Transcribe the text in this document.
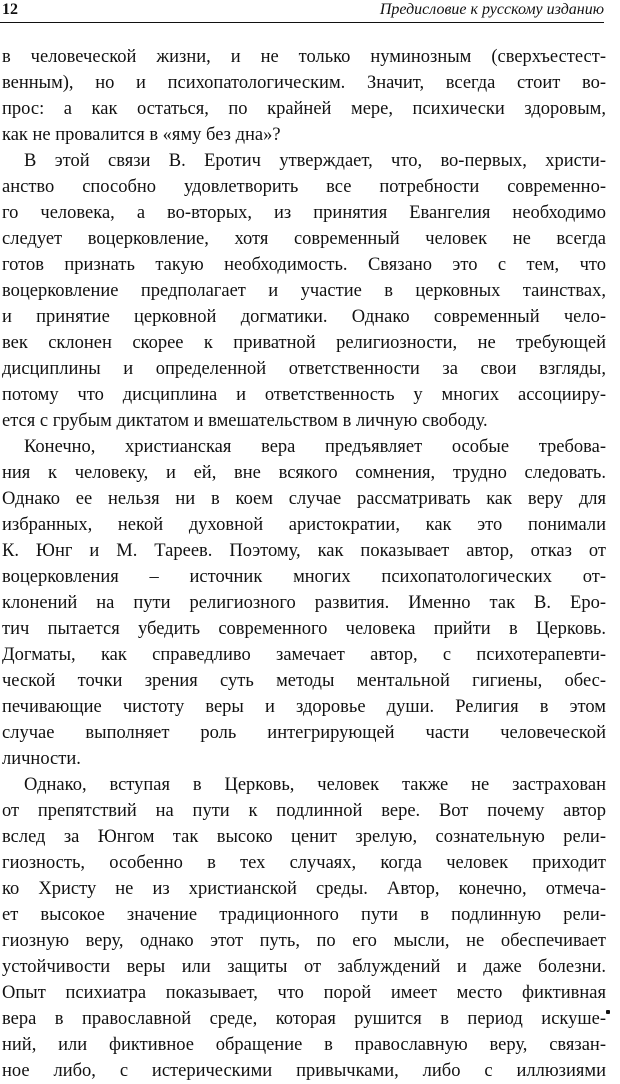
12	Предисловие к русскому изданию
в человеческой жизни, и не только нуминозным (сверхъестест-
венным), но и психопатологическим. Значит, всегда стоит во-
прос: а как остаться, по крайней мере, психически здоровым,
как не провалится в «яму без дна»?
В этой связи В. Еротич утверждает, что, во-первых, христи-
анство способно удовлетворить все потребности современно-
го человека, а во-вторых, из принятия Евангелия необходимо
следует воцерковление, хотя современный человек не всегда
готов признать такую необходимость. Связано это с тем, что
воцерковление предполагает и участие в церковных таинствах,
и принятие церковной догматики. Однако современный чело-
век склонен скорее к приватной религиозности, не требующей
дисциплины и определенной ответственности за свои взгляды,
потому что дисциплина и ответственность у многих ассоцииру-
ется с грубым диктатом и вмешательством в личную свободу.
Конечно, христианская вера предъявляет особые требова-
ния к человеку, и ей, вне всякого сомнения, трудно следовать.
Однако ее нельзя ни в коем случае рассматривать как веру для
избранных, некой духовной аристократии, как это понимали
К. Юнг и М. Тареев. Поэтому, как показывает автор, отказ от
воцерковления – источник многих психопатологических от-
клонений на пути религиозного развития. Именно так В. Еро-
тич пытается убедить современного человека прийти в Церковь.
Догматы, как справедливо замечает автор, с психотерапевти-
ческой точки зрения суть методы ментальной гигиены, обес-
печивающие чистоту веры и здоровье души. Религия в этом
случае выполняет роль интегрирующей части человеческой
личности.
Однако, вступая в Церковь, человек также не застрахован
от препятствий на пути к подлинной вере. Вот почему автор
вслед за Юнгом так высоко ценит зрелую, сознательную рели-
гиозность, особенно в тех случаях, когда человек приходит
ко Христу не из христианской среды. Автор, конечно, отмеча-
ет высокое значение традиционного пути в подлинную рели-
гиозную веру, однако этот путь, по его мысли, не обеспечивает
устойчивости веры или защиты от заблуждений и даже болезни.
Опыт психиатра показывает, что порой имеет место фиктивная
вера в православной среде, которая рушится в период искуше-
ний, или фиктивное обращение в православную веру, связан-
ное либо, с истерическими привычками, либо с иллюзиями
